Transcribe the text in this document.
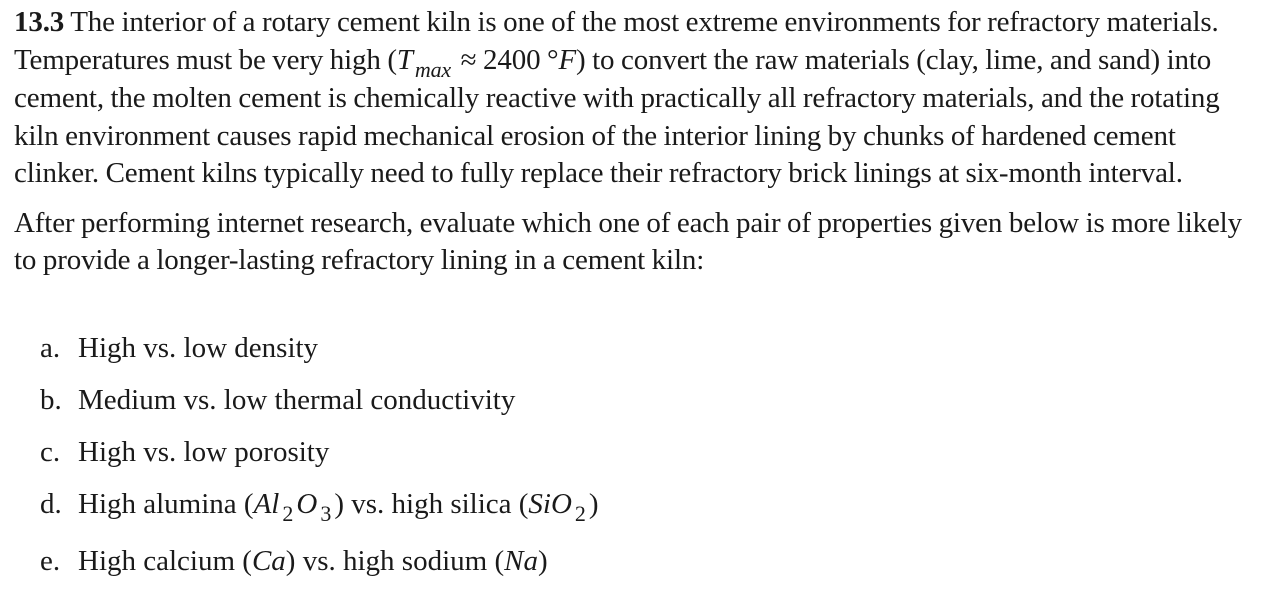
13.3 The interior of a rotary cement kiln is one of the most extreme environments for refractory materials. Temperatures must be very high ($T_{max} \approx 2400$ °F) to convert the raw materials (clay, lime, and sand) into cement, the molten cement is chemically reactive with practically all refractory materials, and the rotating kiln environment causes rapid mechanical erosion of the interior lining by chunks of hardened cement clinker. Cement kilns typically need to fully replace their refractory brick linings at six-month interval.

After performing internet research, evaluate which one of each pair of properties given below is more likely to provide a longer-lasting refractory lining in a cement kiln:

a. High vs. low density
b. Medium vs. low thermal conductivity
c. High vs. low porosity
d. High alumina (Al $_2$ O $_3$ ) vs. high silica (SiO $_2$ )
e. High calcium (Ca) vs. high sodium (Na)
